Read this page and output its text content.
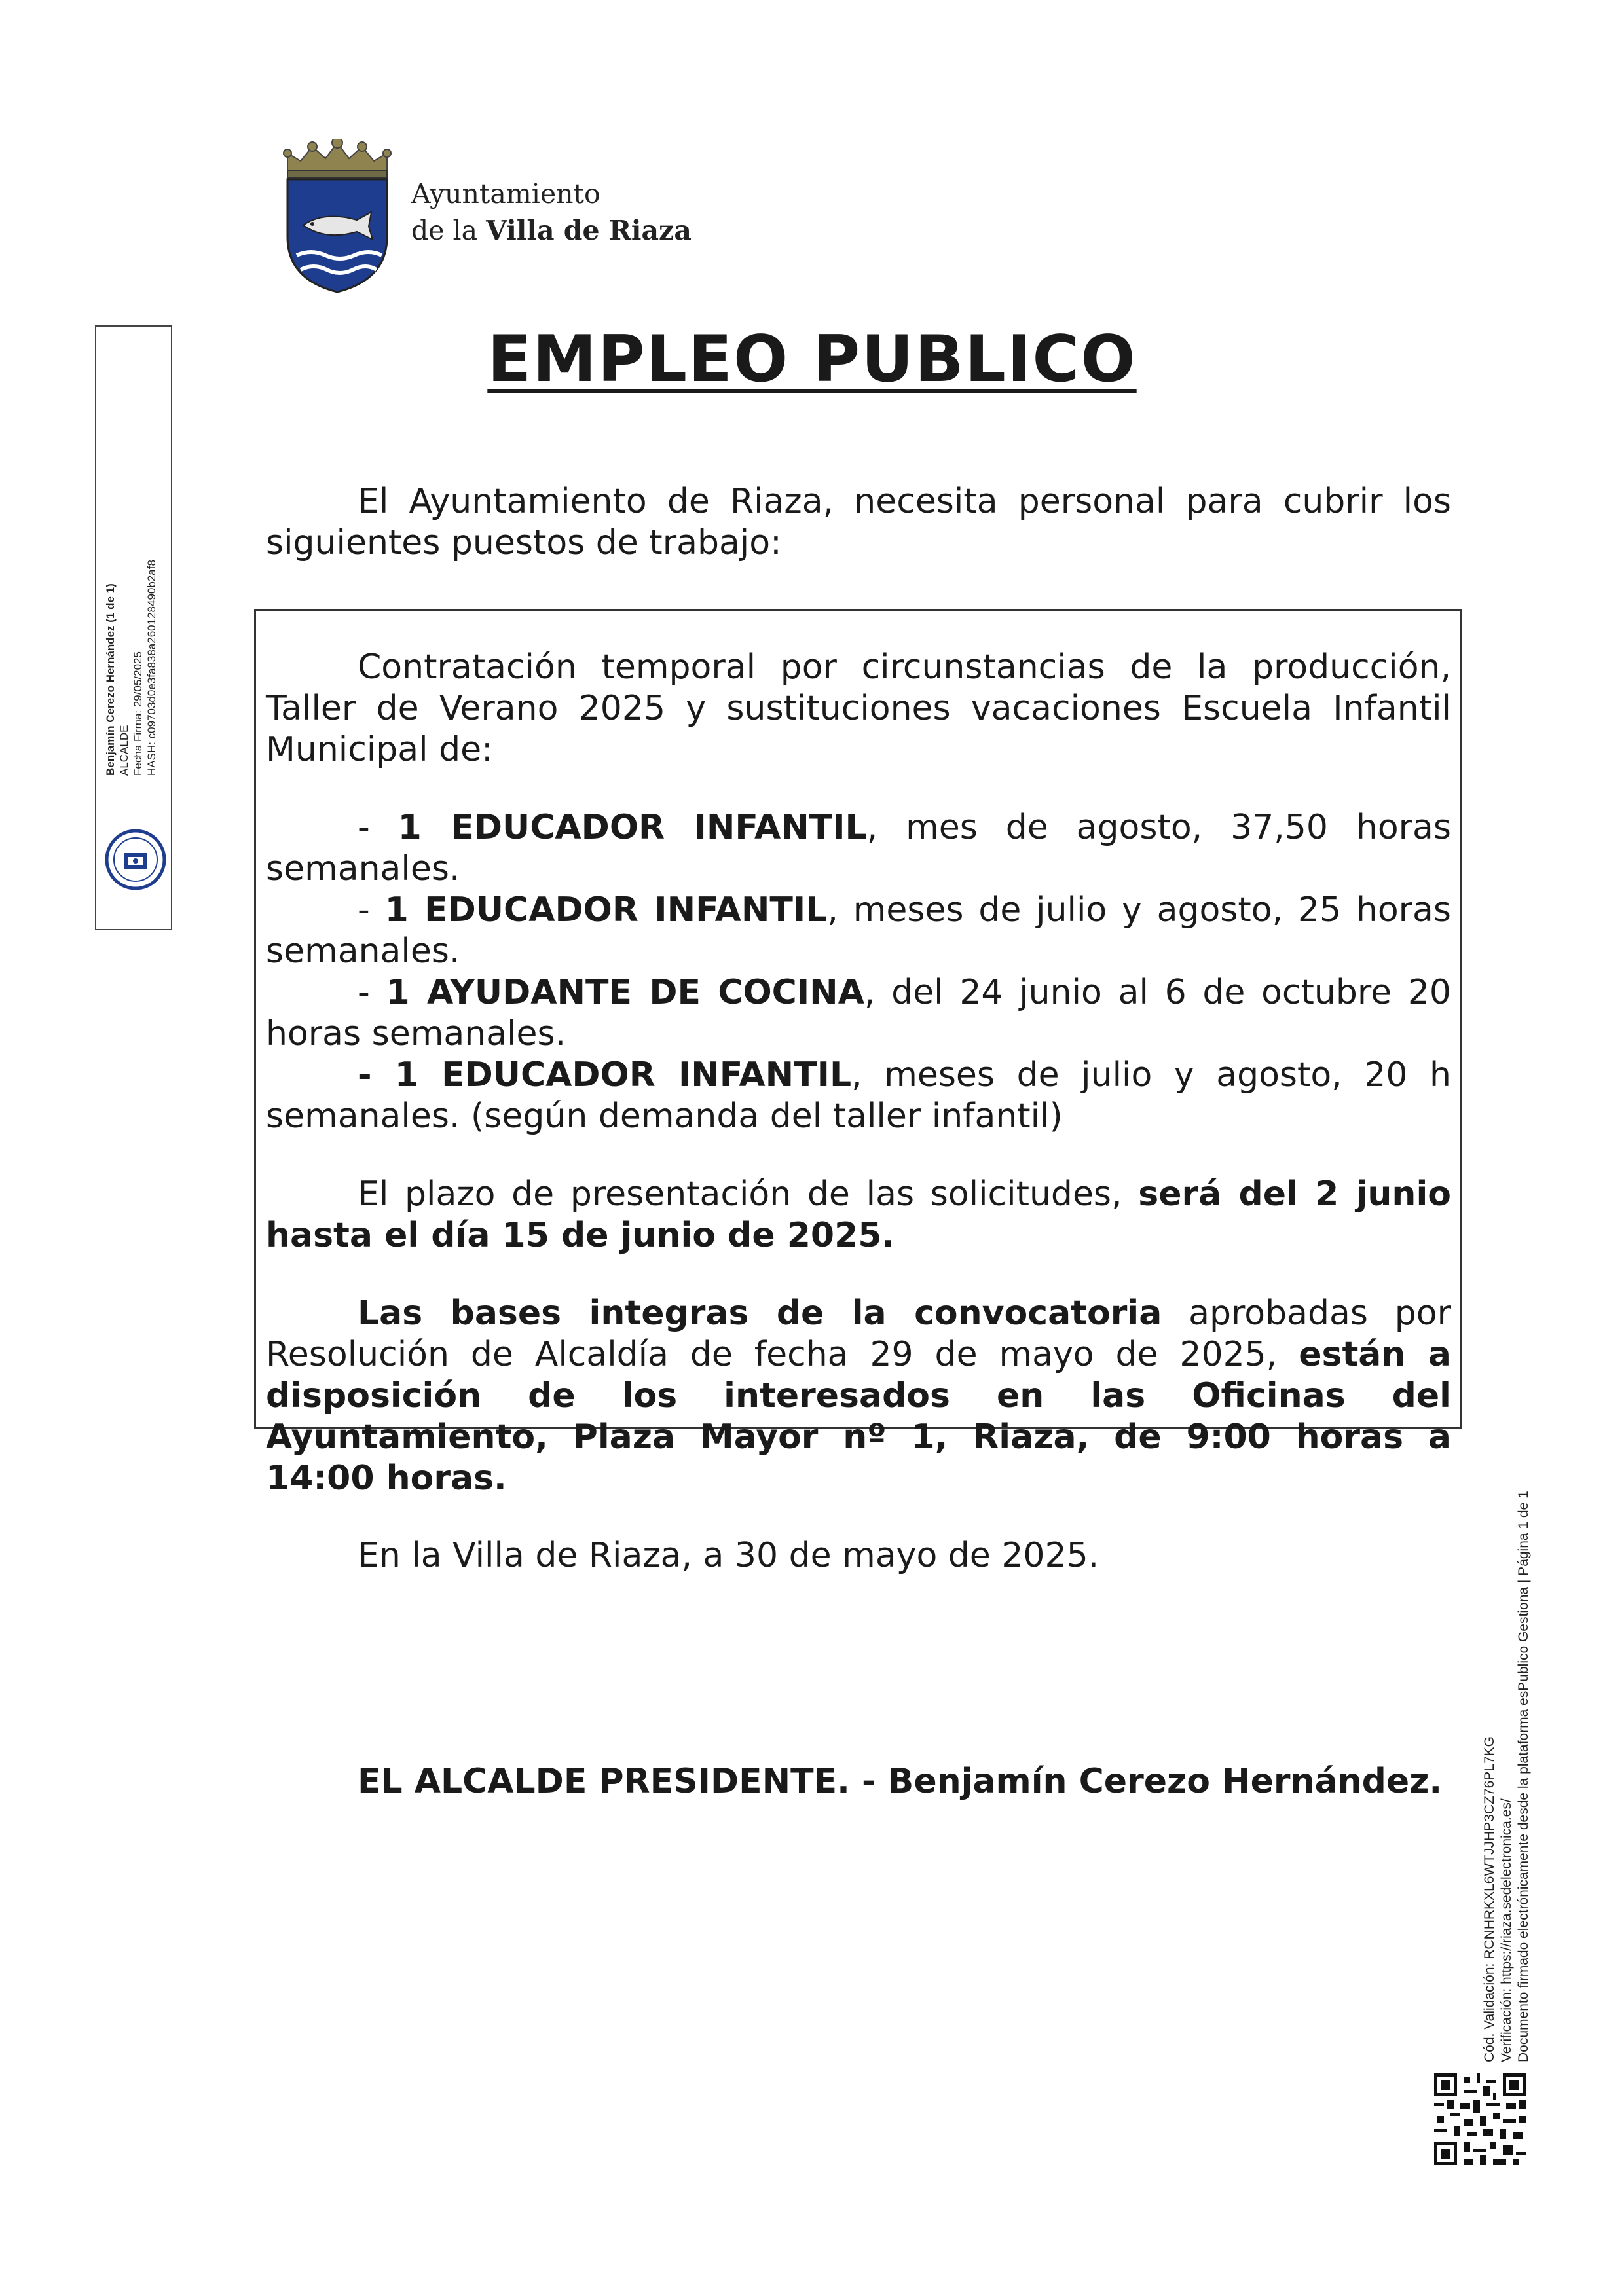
Ayuntamiento
de la Villa de Riaza
EMPLEO PUBLICO
El Ayuntamiento de Riaza, necesita personal para cubrir los siguientes puestos de trabajo:

Contratación temporal por circunstancias de la producción, Taller de Verano 2025 y sustituciones vacaciones Escuela Infantil Municipal de:

- 1 EDUCADOR INFANTIL, mes de agosto, 37,50 horas semanales.

- 1 EDUCADOR INFANTIL, meses de julio y agosto, 25 horas semanales.

- 1 AYUDANTE DE COCINA, del 24 junio al 6 de octubre 20 horas semanales.

- 1 EDUCADOR INFANTIL, meses de julio y agosto, 20 h semanales. (según demanda del taller infantil)

El plazo de presentación de las solicitudes, será del 2 junio hasta el día 15 de junio de 2025.

Las bases integras de la convocatoria aprobadas por Resolución de Alcaldía de fecha 29 de mayo de 2025, están a disposición de los interesados en las Oficinas del Ayuntamiento, Plaza Mayor nº 1, Riaza, de 9:00 horas a 14:00 horas.

En la Villa de Riaza, a 30 de mayo de 2025.
EL ALCALDE PRESIDENTE. - Benjamín Cerezo Hernández.
Benjamín Cerezo Hernández (1 de 1) ALCALDE Fecha Firma: 29/05/2025 HASH: c09703d0e3fa838a260128490b2af8
Cód. Validación: RCNHRKXL6WTJJHP3CZ76PL7KG Verificación: https://riaza.sedelectronica.es/ Documento firmado electrónicamente desde la plataforma esPublico Gestiona | Página 1 de 1
